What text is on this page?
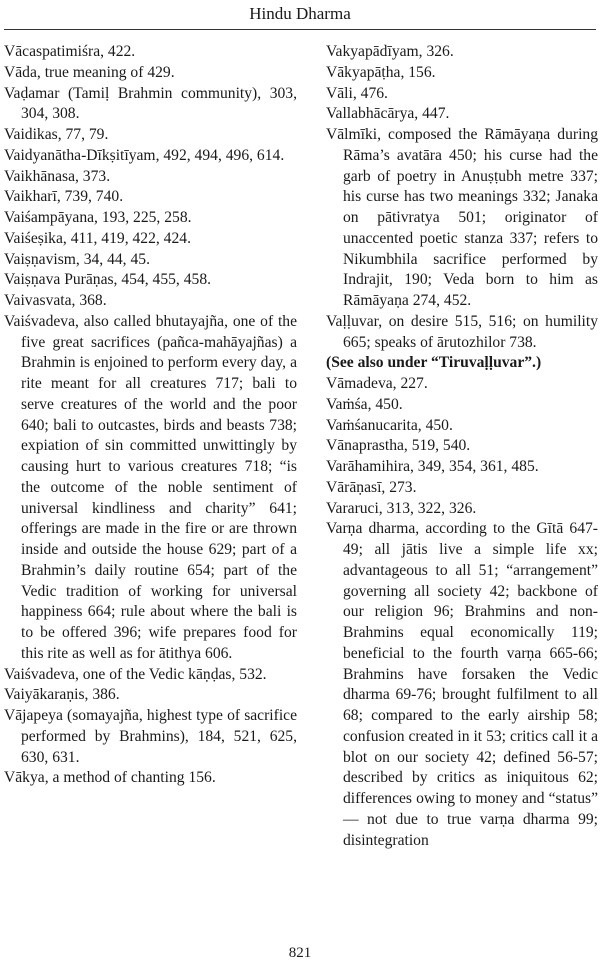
Hindu Dharma

Vācaspatimiśra, 422.

Vāda, true meaning of 429.

Vaḍamar (Tamiḷ Brahmin community), 303, 304, 308.

Vaidikas, 77, 79.

Vaidyanātha-Dīkṣitīyam, 492, 494, 496, 614.

Vaikhānasa, 373.

Vaikharī, 739, 740.

Vaiśampāyana, 193, 225, 258.

Vaiśeṣika, 411, 419, 422, 424.

Vaiṣṇavism, 34, 44, 45.

Vaiṣṇava Purāṇas, 454, 455, 458.

Vaivasvata, 368.

Vaiśvadeva, also called bhutayajña, one of the five great sacrifices (pañca-mahāyajñas) a Brahmin is enjoined to perform every day, a rite meant for all creatures 717; bali to serve creatures of the world and the poor 640; bali to outcastes, birds and beasts 738; expiation of sin committed unwittingly by causing hurt to various creatures 718; “is the outcome of the noble sentiment of universal kindliness and charity” 641; offerings are made in the fire or are thrown inside and outside the house 629; part of a Brahmin’s daily routine 654; part of the Vedic tradition of working for universal happiness 664; rule about where the bali is to be offered 396; wife prepares food for this rite as well as for ātithya 606.

Vaiśvadeva, one of the Vedic kāṇḍas, 532.

Vaiyākaraṇis, 386.

Vājapeya (somayajña, highest type of sacrifice performed by Brahmins), 184, 521, 625, 630, 631.

Vākya, a method of chanting 156.

Vakyapādīyam, 326.

Vākyapāṭha, 156.

Vāli, 476.

Vallabhācārya, 447.

Vālmīki, composed the Rāmāyaṇa during Rāma’s avatāra 450; his curse had the garb of poetry in Anuṣṭubh metre 337; his curse has two meanings 332; Janaka on pātivratya 501; originator of unaccented poetic stanza 337; refers to Nikumbhila sacrifice performed by Indrajit, 190; Veda born to him as Rāmāyaṇa 274, 452.

Vaḷḷuvar, on desire 515, 516; on humility 665; speaks of ārutozhilor 738.

(See also under “Tiruvaḷḷuvar”.)

Vāmadeva, 227.

Vaṁśa, 450.

Vaṁśanucarita, 450.

Vānaprastha, 519, 540.

Varāhamihira, 349, 354, 361, 485.

Vārāṇasī, 273.

Vararuci, 313, 322, 326.

Varṇa dharma, according to the Gītā 647-49; all jātis live a simple life xx; advantageous to all 51; “arrangement” governing all society 42; backbone of our religion 96; Brahmins and non-Brahmins equal economically 119; beneficial to the fourth varṇa 665-66; Brahmins have forsaken the Vedic dharma 69-76; brought fulfilment to all 68; compared to the early airship 58; confusion created in it 53; critics call it a blot on our society 42; defined 56-57; described by critics as iniquitous 62; differences owing to money and “status” — not due to true varṇa dharma 99; disintegration

821
